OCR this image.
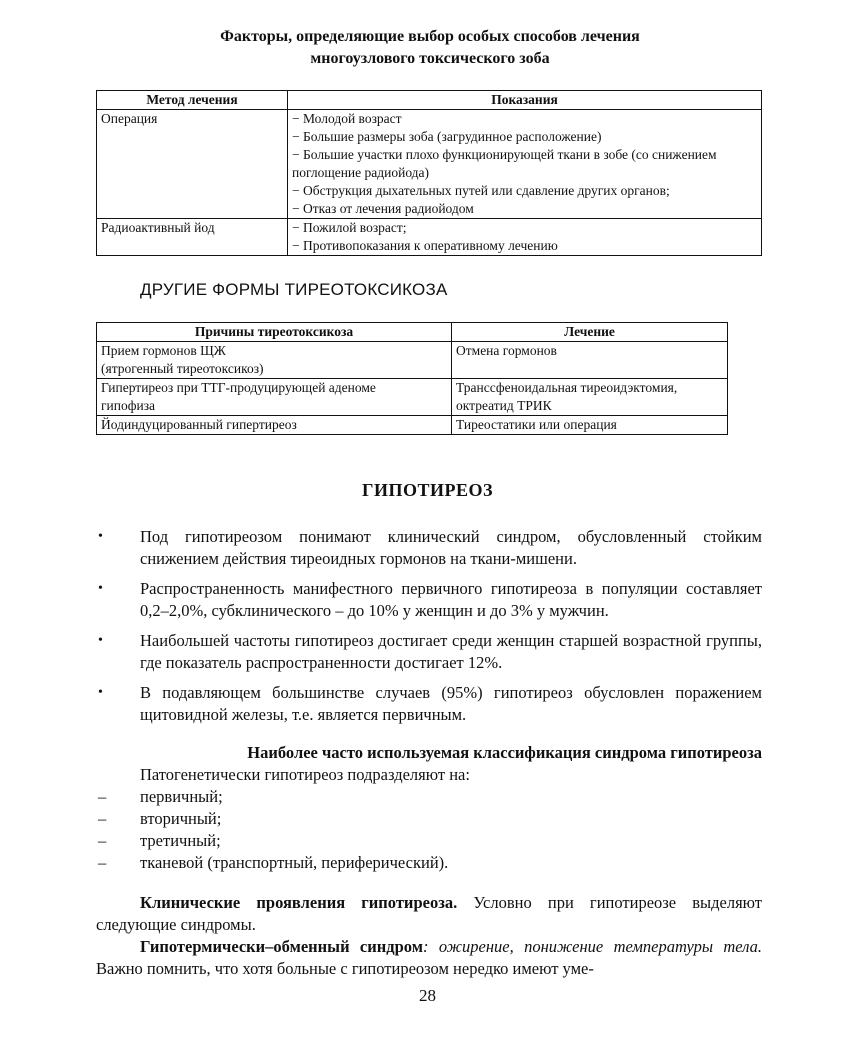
Факторы, определяющие выбор особых способов лечения
многоузлового токсического зоба
Метод лечения	Показания
Операция	− Молодой возраст
− Большие размеры зоба (загрудинное расположение)
− Большие участки плохо функционирующей ткани в зобе (со снижением поглощение радиойода)
− Обструкция дыхательных путей или сдавление других органов;
− Отказ от лечения радиойодом

Радиоактивный йод	− Пожилой возраст;
− Противопоказания к оперативному лечению
ДРУГИЕ ФОРМЫ ТИРЕОТОКСИКОЗА
Причины тиреотоксикоза	Лечение

Прием гормонов ЩЖ
(ятрогенный тиреотоксикоз)	Отмена гормонов

Гипертиреоз при ТТГ-продуцирующей аденоме
гипофиза	Транссфеноидальная тиреоидэктомия,
октреатид ТРИК

Йодиндуцированный гипертиреоз	Тиреостатики или операция
ГИПОТИРЕОЗ
• Под гипотиреозом понимают клинический синдром, обусловленный стойким снижением действия тиреоидных гормонов на ткани-мишени.
• Распространенность манифестного первичного гипотиреоза в популяции составляет 0,2–2,0%, субклинического – до 10% у женщин и до 3% у мужчин.
• Наибольшей частоты гипотиреоз достигает среди женщин старшей возрастной группы, где показатель распространенности достигает 12%.
• В подавляющем большинстве случаев (95%) гипотиреоз обусловлен поражением щитовидной железы, т.е. является первичным.
Наиболее часто используемая классификация синдрома гипотиреоза
Патогенетически гипотиреоз подразделяют на:
– первичный;
– вторичный;
– третичный;
– тканевой (транспортный, периферический).
Клинические проявления гипотиреоза. Условно при гипотиреозе выделяют следующие синдромы.
Гипотермически–обменный синдром: ожирение, понижение температуры тела. Важно помнить, что хотя больные с гипотиреозом нередко имеют уме-
28
